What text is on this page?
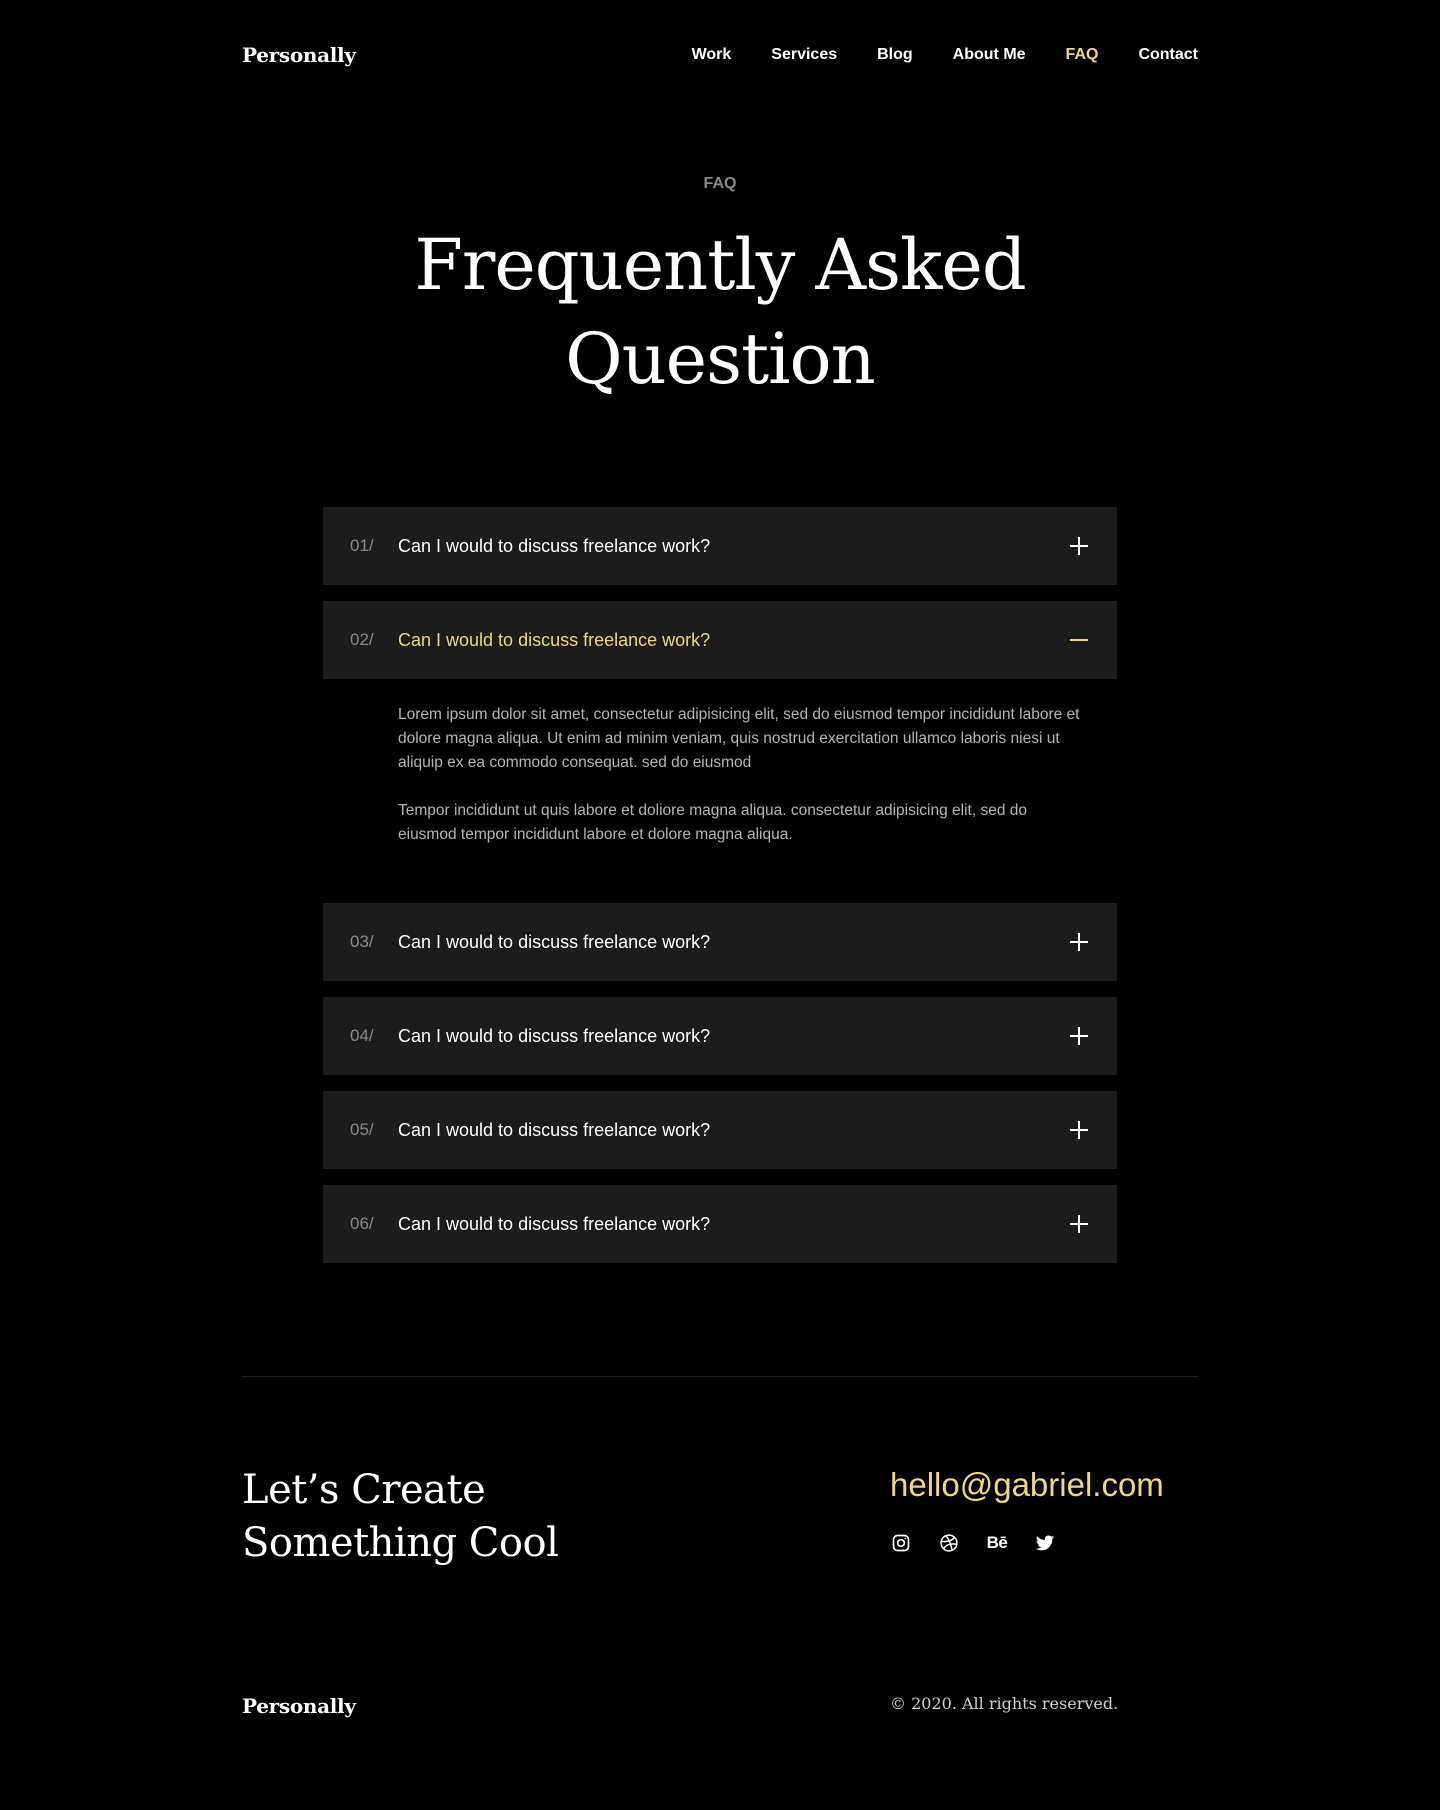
Personally	Work	Services	Blog	About Me	FAQ	Contact
FAQ
Frequently Asked
Question
01/ Can I would to discuss freelance work?
02/ Can I would to discuss freelance work?

Lorem ipsum dolor sit amet, consectetur adipisicing elit, sed do eiusmod tempor incididunt labore et dolore magna aliqua. Ut enim ad minim veniam, quis nostrud exercitation ullamco laboris niesi ut aliquip ex ea commodo consequat. sed do eiusmod

Tempor incididunt ut quis labore et doliore magna aliqua. consectetur adipisicing elit, sed do eiusmod tempor incididunt labore et dolore magna aliqua.

03/ Can I would to discuss freelance work?
04/ Can I would to discuss freelance work?
05/ Can I would to discuss freelance work?
06/ Can I would to discuss freelance work?
Let’s Create
Something Cool
hello@gabriel.com
Bē
Personally	© 2020. All rights reserved.
